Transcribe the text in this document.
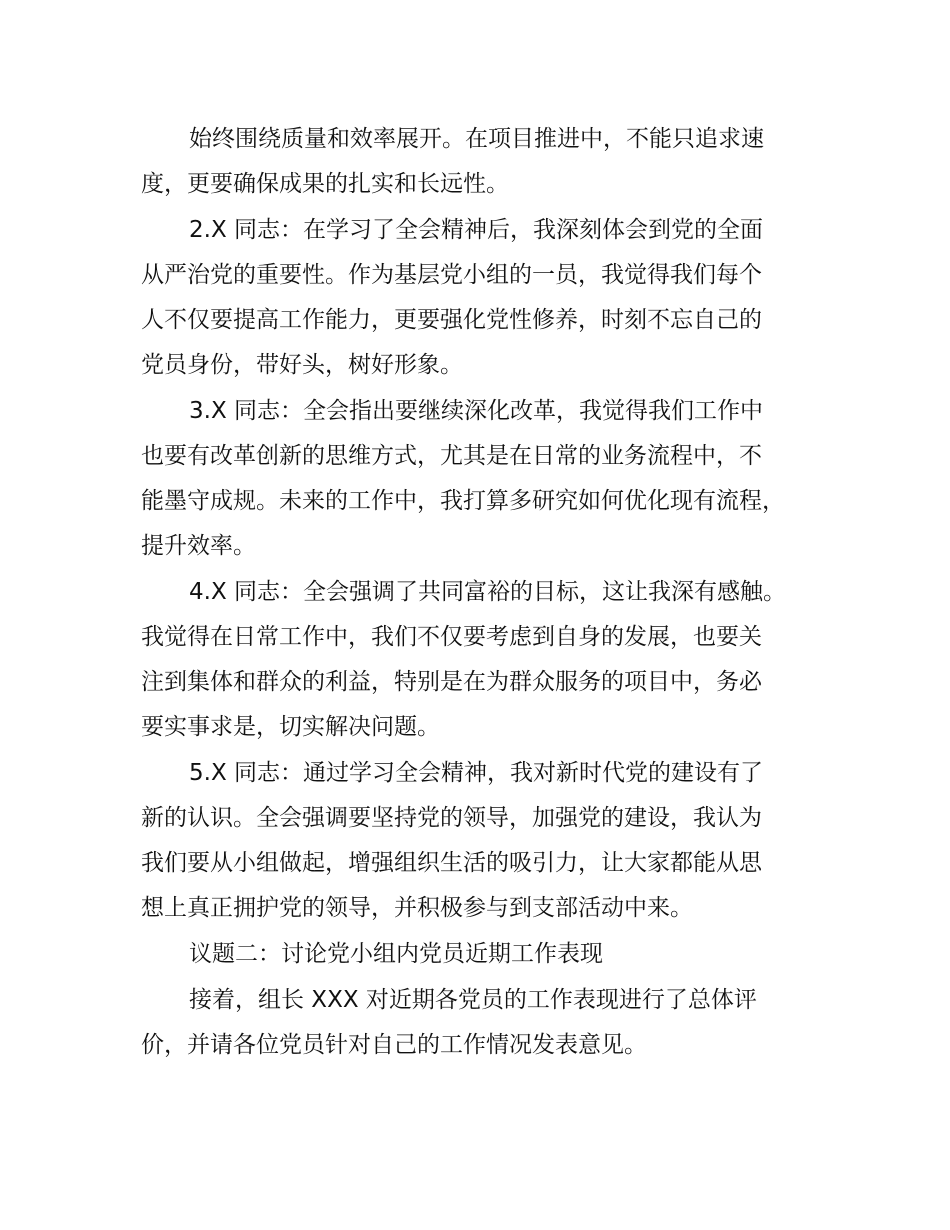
始终围绕质量和效率展开。在项目推进中，不能只追求速
度，更要确保成果的扎实和长远性。
2.X 同志：在学习了全会精神后，我深刻体会到党的全面
从严治党的重要性。作为基层党小组的一员，我觉得我们每个
人不仅要提高工作能力，更要强化党性修养，时刻不忘自己的
党员身份，带好头，树好形象。
3.X 同志：全会指出要继续深化改革，我觉得我们工作中
也要有改革创新的思维方式，尤其是在日常的业务流程中，不
能墨守成规。未来的工作中，我打算多研究如何优化现有流程，
提升效率。
4.X 同志：全会强调了共同富裕的目标，这让我深有感触。
我觉得在日常工作中，我们不仅要考虑到自身的发展，也要关
注到集体和群众的利益，特别是在为群众服务的项目中，务必
要实事求是，切实解决问题。
5.X 同志：通过学习全会精神，我对新时代党的建设有了
新的认识。全会强调要坚持党的领导，加强党的建设，我认为
我们要从小组做起，增强组织生活的吸引力，让大家都能从思
想上真正拥护党的领导，并积极参与到支部活动中来。
议题二：讨论党小组内党员近期工作表现
接着，组长 XXX 对近期各党员的工作表现进行了总体评
价，并请各位党员针对自己的工作情况发表意见。
